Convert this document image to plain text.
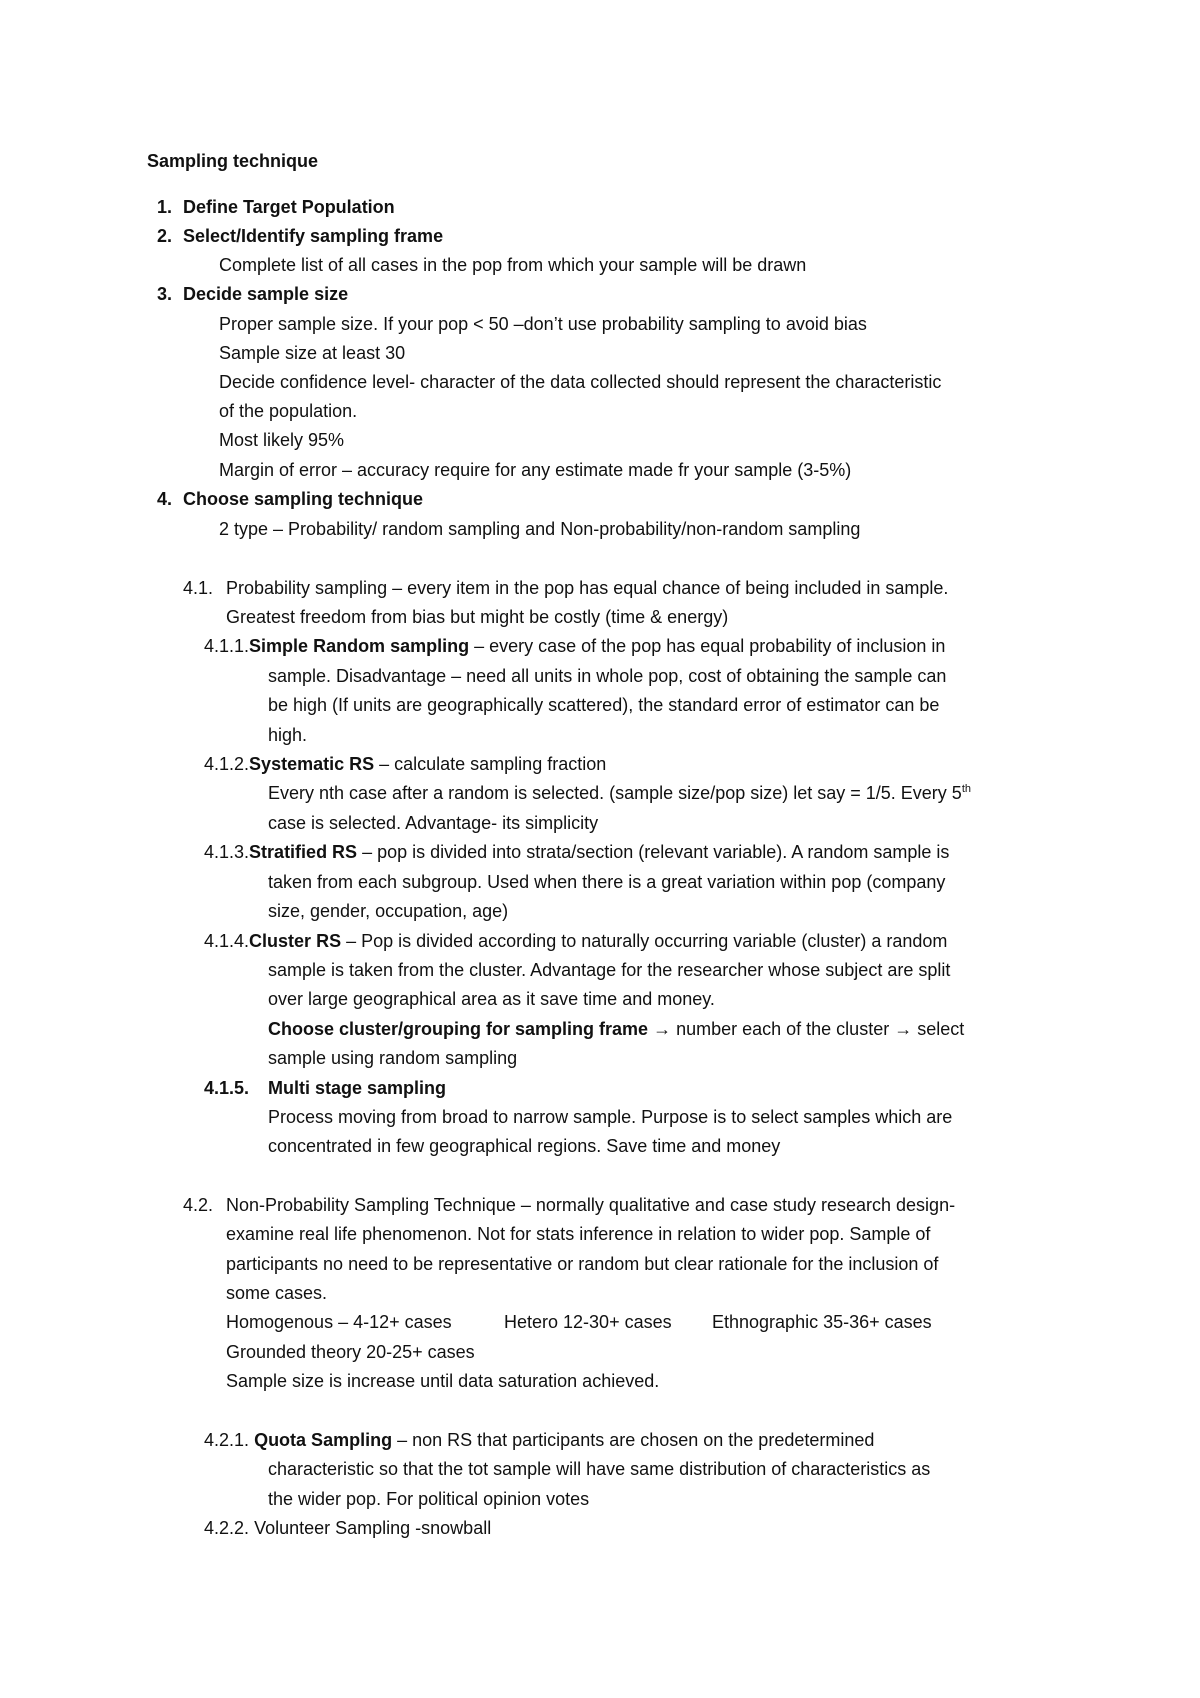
Sampling technique
1. Define Target Population
2. Select/Identify sampling frame
Complete list of all cases in the pop from which your sample will be drawn
3. Decide sample size
Proper sample size. If your pop < 50 –don’t use probability sampling to avoid bias
Sample size at least 30
Decide confidence level- character of the data collected should represent the characteristic
of the population.
Most likely 95%
Margin of error – accuracy require for any estimate made fr your sample (3-5%)
4. Choose sampling technique
2 type – Probability/ random sampling and Non-probability/non-random sampling
4.1. Probability sampling – every item in the pop has equal chance of being included in sample.
Greatest freedom from bias but might be costly (time & energy)
4.1.1.Simple Random sampling – every case of the pop has equal probability of inclusion in
sample. Disadvantage – need all units in whole pop, cost of obtaining the sample can
be high (If units are geographically scattered), the standard error of estimator can be
high.
4.1.2.Systematic RS – calculate sampling fraction
Every nth case after a random is selected. (sample size/pop size) let say = 1/5. Every 5th
case is selected. Advantage- its simplicity
4.1.3.Stratified RS – pop is divided into strata/section (relevant variable). A random sample is
taken from each subgroup. Used when there is a great variation within pop (company
size, gender, occupation, age)
4.1.4.Cluster RS – Pop is divided according to naturally occurring variable (cluster) a random
sample is taken from the cluster. Advantage for the researcher whose subject are split
over large geographical area as it save time and money.
Choose cluster/grouping for sampling frame → number each of the cluster → select
sample using random sampling
4.1.5. Multi stage sampling
Process moving from broad to narrow sample. Purpose is to select samples which are
concentrated in few geographical regions. Save time and money
4.2. Non-Probability Sampling Technique – normally qualitative and case study research design-
examine real life phenomenon. Not for stats inference in relation to wider pop. Sample of
participants no need to be representative or random but clear rationale for the inclusion of
some cases.
Homogenous – 4-12+ cases	Hetero 12-30+ cases Ethnographic 35-36+ cases
Grounded theory 20-25+ cases
Sample size is increase until data saturation achieved.
4.2.1. Quota Sampling – non RS that participants are chosen on the predetermined
characteristic so that the tot sample will have same distribution of characteristics as
the wider pop. For political opinion votes
4.2.2. Volunteer Sampling -snowball
